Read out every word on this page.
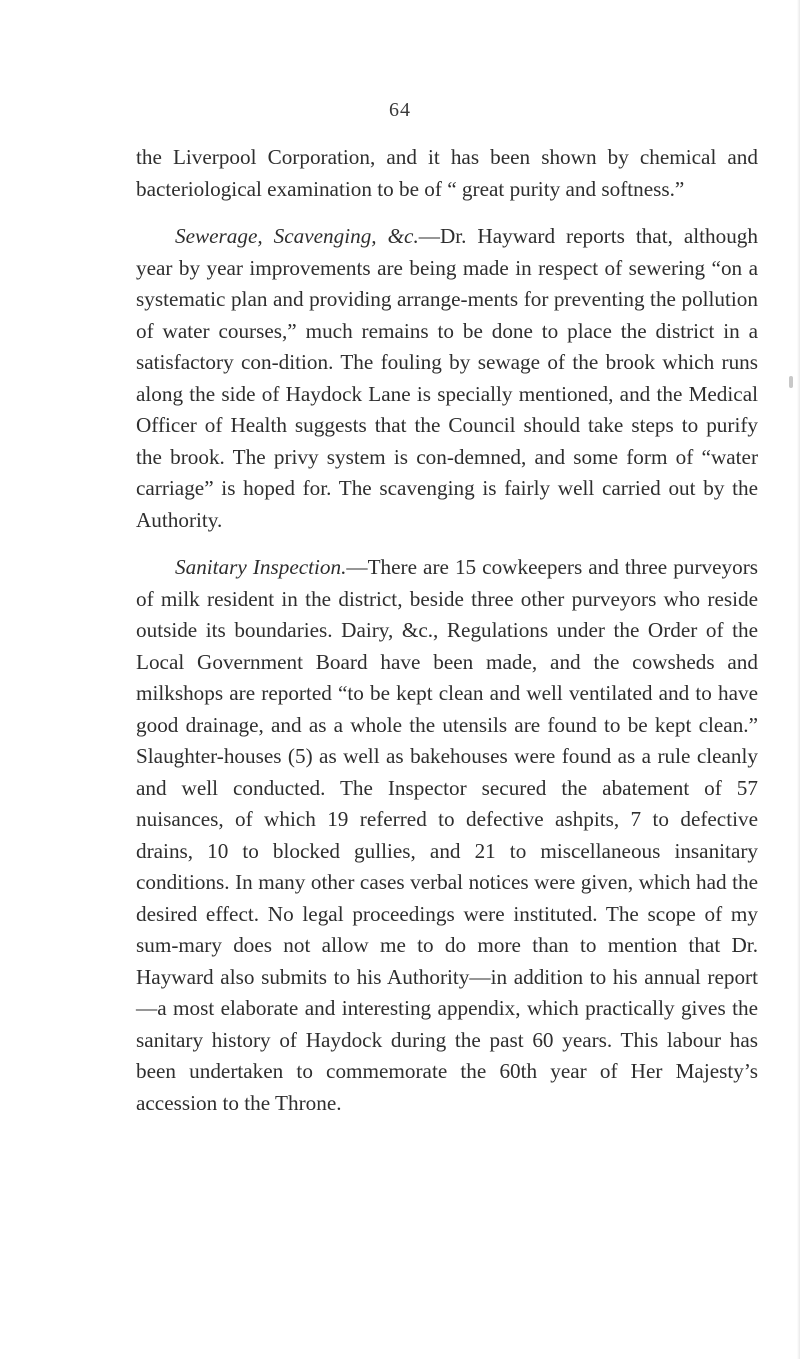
64

the Liverpool Corporation, and it has been shown by chemical and bacteriological examination to be of “ great purity and softness.”

Sewerage, Scavenging, &c.—Dr. Hayward reports that, although year by year improvements are being made in respect of sewering “on a systematic plan and providing arrange-ments for preventing the pollution of water courses,” much remains to be done to place the district in a satisfactory con-dition. The fouling by sewage of the brook which runs along the side of Haydock Lane is specially mentioned, and the Medical Officer of Health suggests that the Council should take steps to purify the brook. The privy system is con-demned, and some form of “water carriage” is hoped for. The scavenging is fairly well carried out by the Authority.

Sanitary Inspection.—There are 15 cowkeepers and three purveyors of milk resident in the district, beside three other purveyors who reside outside its boundaries. Dairy, &c., Regulations under the Order of the Local Government Board have been made, and the cowsheds and milkshops are reported “to be kept clean and well ventilated and to have good drainage, and as a whole the utensils are found to be kept clean.” Slaughter-houses (5) as well as bakehouses were found as a rule cleanly and well conducted. The Inspector secured the abatement of 57 nuisances, of which 19 referred to defective ashpits, 7 to defective drains, 10 to blocked gullies, and 21 to miscellaneous insanitary conditions. In many other cases verbal notices were given, which had the desired effect. No legal proceedings were instituted. The scope of my sum-mary does not allow me to do more than to mention that Dr. Hayward also submits to his Authority—in addition to his annual report—a most elaborate and interesting appendix, which practically gives the sanitary history of Haydock during the past 60 years. This labour has been undertaken to commemorate the 60th year of Her Majesty’s accession to the Throne.
